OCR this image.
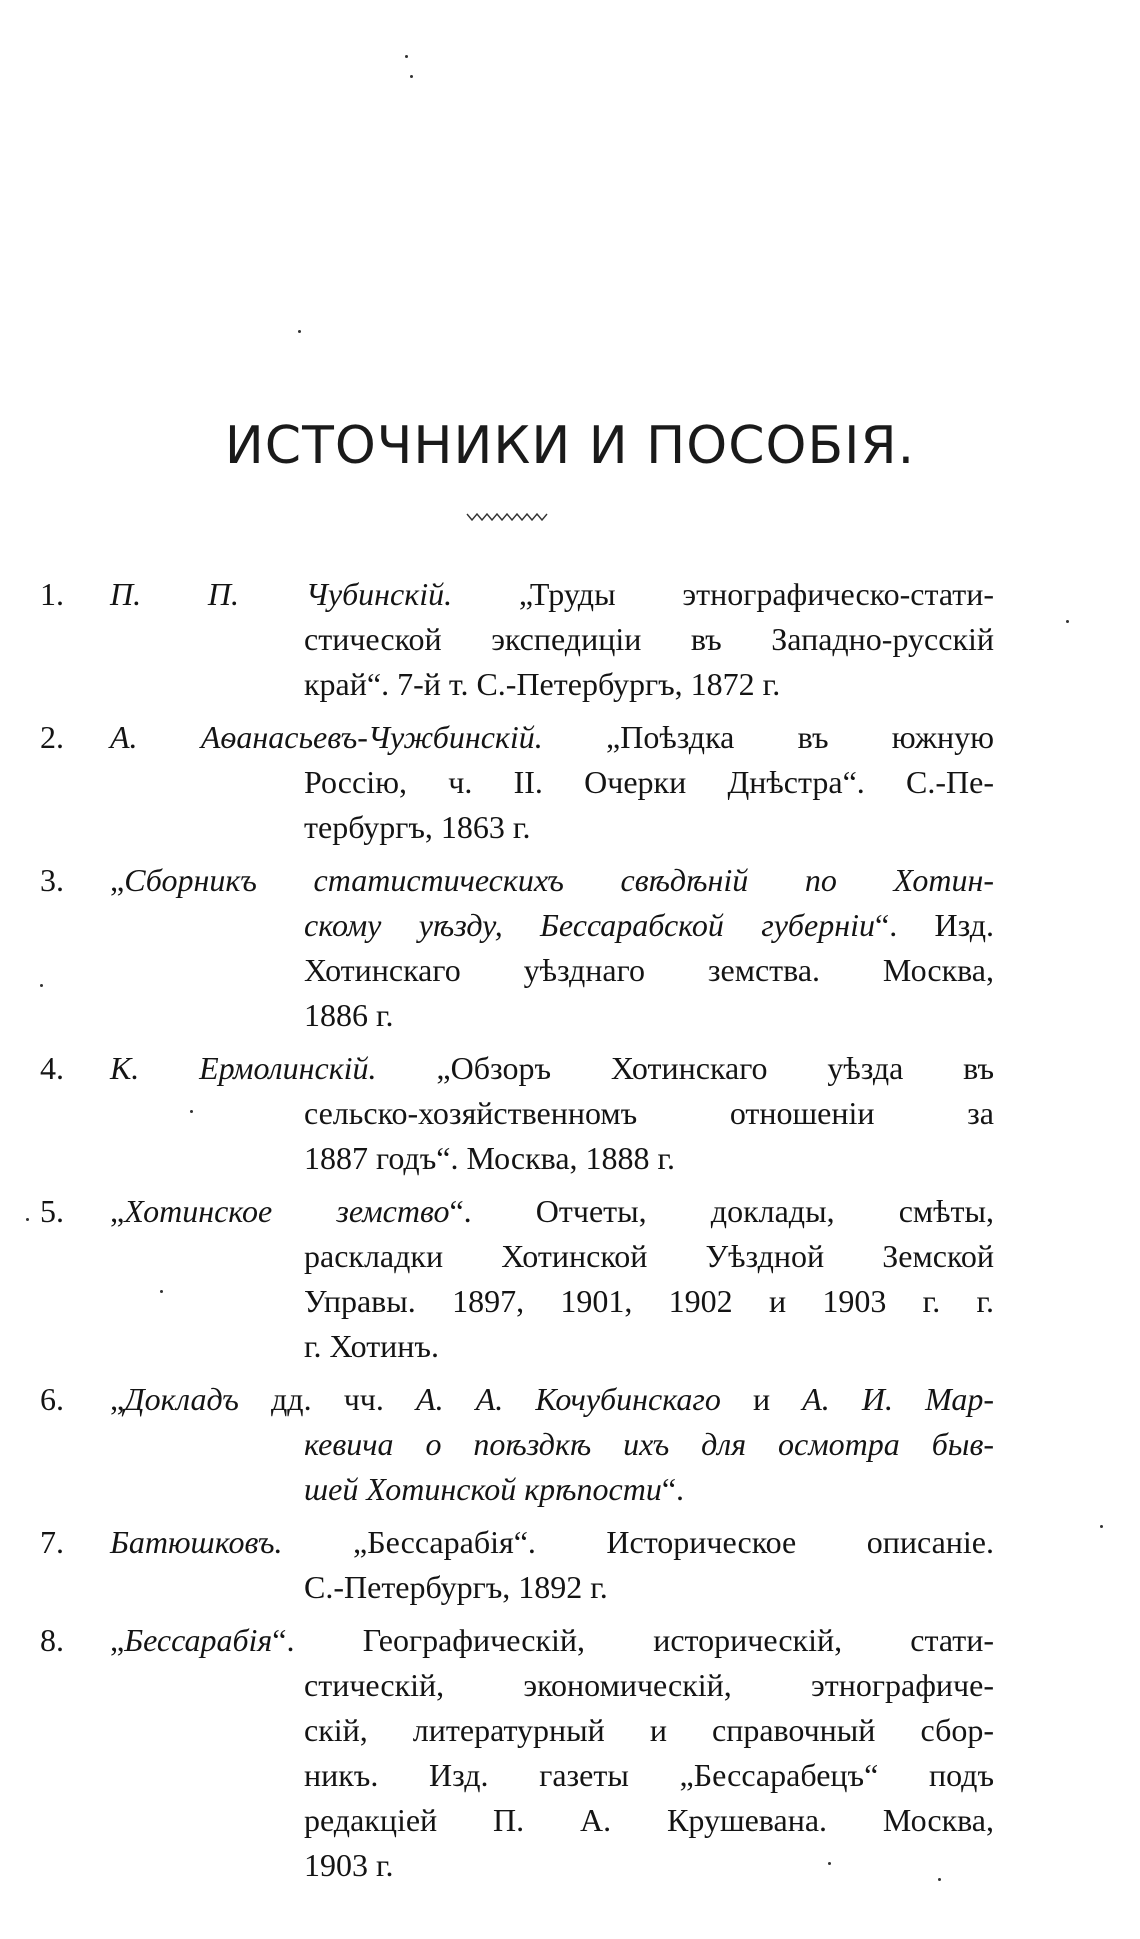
ИСТОЧНИКИ И ПОСОБІЯ.
1.	П. П. Чубинскій. „Труды этнографическо-стати-
стической экспедиціи въ Западно-русскій
край“. 7-й т. С.-Петербургъ, 1872 г.
2.	А. Аѳанасьевъ-Чужбинскій. „Поѣздка въ южную
Россію, ч. II. Очерки Днѣстра“. С.-Пе-
тербургъ, 1863 г.
3.	„Сборникъ статистическихъ свѣдѣній по Хотин-
скому уѣзду, Бессарабской губерніи“. Изд.
Хотинскаго уѣзднаго земства. Москва,
1886 г.
4.	К. Ермолинскій. „Обзоръ Хотинскаго уѣзда въ
сельско-хозяйственномъ отношеніи за
1887 годъ“. Москва, 1888 г.
5.	„Хотинское земство“. Отчеты, доклады, смѣты,
раскладки Хотинской Уѣздной Земской
Управы. 1897, 1901, 1902 и 1903 г. г.
г. Хотинъ.
6.	„Докладъ дд. чч. А. А. Кочубинскаго и А. И. Мар-
кевича о поѣздкѣ ихъ для осмотра быв-
шей Хотинской крѣпости“.
7.	Батюшковъ. „Бессарабія“. Историческое описаніе.
С.-Петербургъ, 1892 г.
8.	„Бессарабія“. Географическій, историческій, стати-
стическій, экономическій, этнографиче-
скій, литературный и справочный сбор-
никъ. Изд. газеты „Бессарабецъ“ подъ
редакціей П. А. Крушевана. Москва,
1903 г.
